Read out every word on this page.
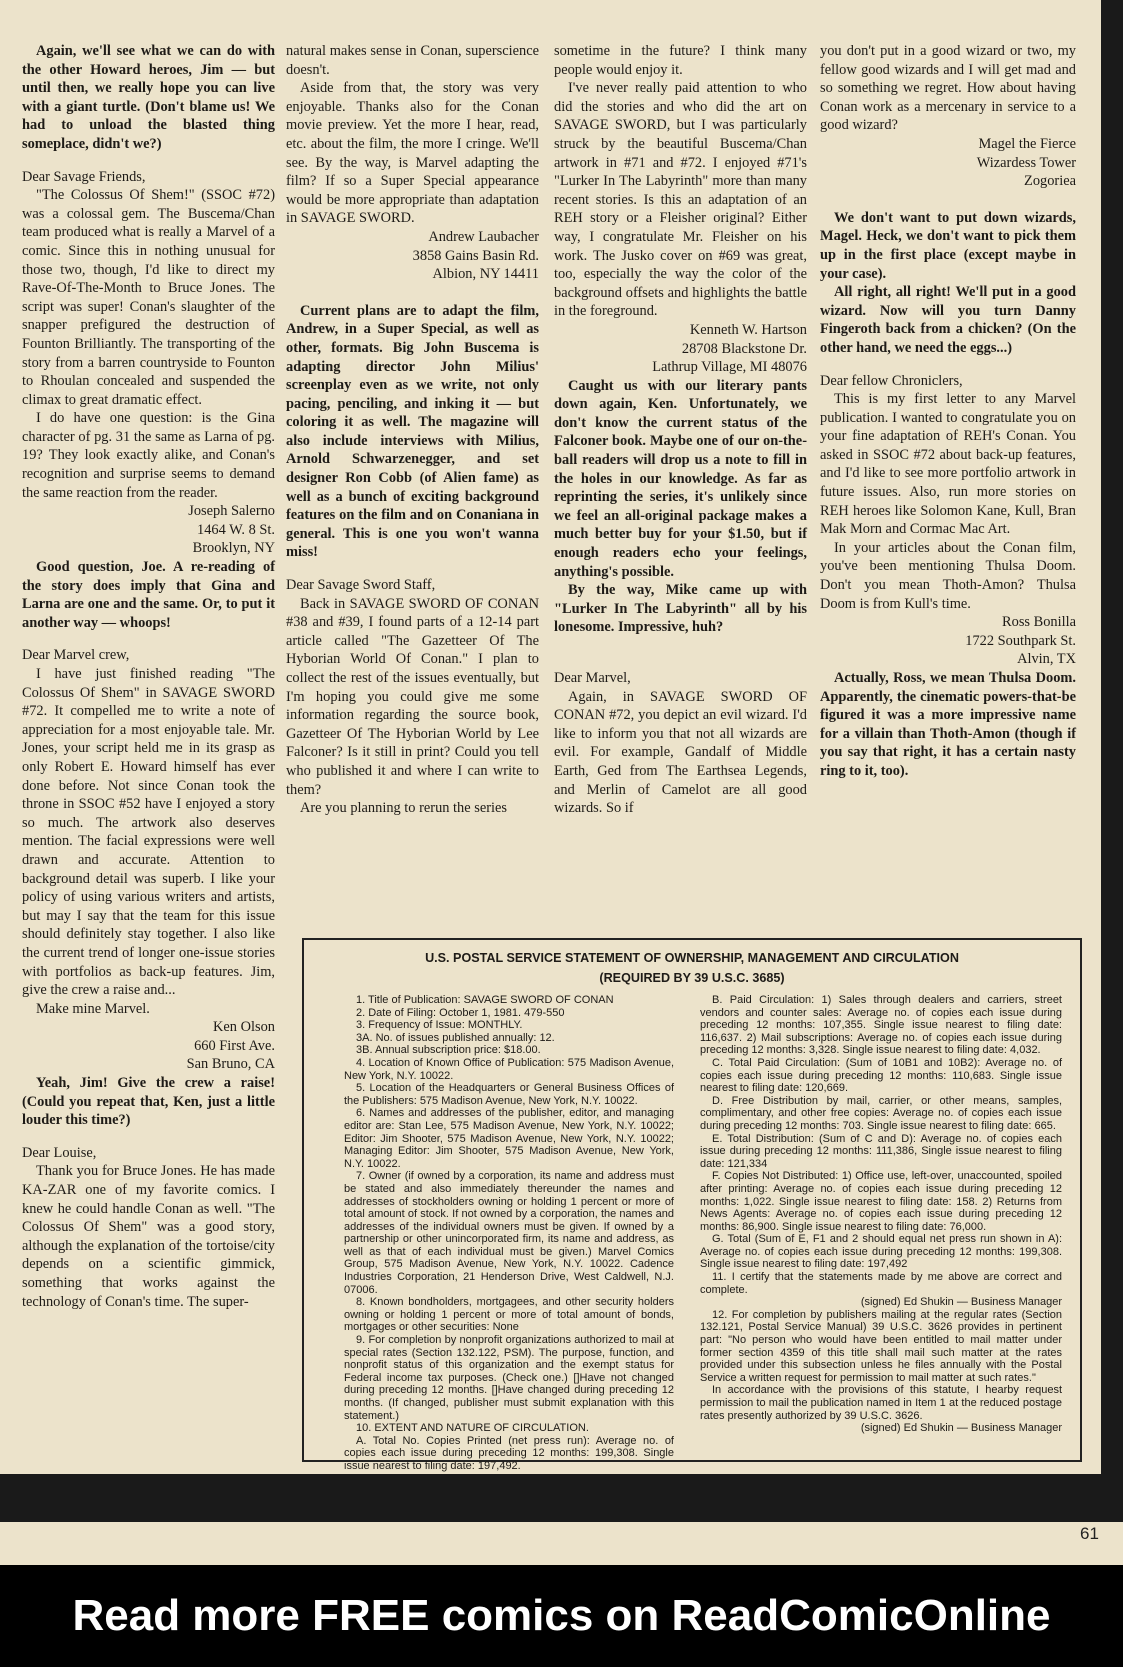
Again, we'll see what we can do with the other Howard heroes, Jim — but until then, we really hope you can live with a giant turtle. (Don't blame us! We had to unload the blasted thing someplace, didn't we?)

Dear Savage Friends,

"The Colossus Of Shem!" (SSOC #72) was a colossal gem. The Buscema/Chan team produced what is really a Marvel of a comic. Since this in nothing unusual for those two, though, I'd like to direct my Rave-Of-The-Month to Bruce Jones. The script was super! Conan's slaughter of the snapper prefigured the destruction of Founton Brilliantly. The transporting of the story from a barren countryside to Founton to Rhoulan concealed and suspended the climax to great dramatic effect.

I do have one question: is the Gina character of pg. 31 the same as Larna of pg. 19? They look exactly alike, and Conan's recognition and surprise seems to demand the same reaction from the reader.

Joseph Salerno

1464 W. 8 St.

Brooklyn, NY

Good question, Joe. A re-reading of the story does imply that Gina and Larna are one and the same. Or, to put it another way — whoops!

Dear Marvel crew,

I have just finished reading "The Colossus Of Shem" in SAVAGE SWORD #72. It compelled me to write a note of appreciation for a most enjoyable tale. Mr. Jones, your script held me in its grasp as only Robert E. Howard himself has ever done before. Not since Conan took the throne in SSOC #52 have I enjoyed a story so much. The artwork also deserves mention. The facial expressions were well drawn and accurate. Attention to background detail was superb. I like your policy of using various writers and artists, but may I say that the team for this issue should definitely stay together. I also like the current trend of longer one-issue stories with portfolios as back-up features. Jim, give the crew a raise and...

Make mine Marvel.

Ken Olson

660 First Ave.

San Bruno, CA

Yeah, Jim! Give the crew a raise! (Could you repeat that, Ken, just a little louder this time?)

Dear Louise,

Thank you for Bruce Jones. He has made KA-ZAR one of my favorite comics. I knew he could handle Conan as well. "The Colossus Of Shem" was a good story, although the explanation of the tortoise/city depends on a scientific gimmick, something that works against the technology of Conan's time. The super-

natural makes sense in Conan, superscience doesn't.

Aside from that, the story was very enjoyable. Thanks also for the Conan movie preview. Yet the more I hear, read, etc. about the film, the more I cringe. We'll see. By the way, is Marvel adapting the film? If so a Super Special appearance would be more appropriate than adaptation in SAVAGE SWORD.

Andrew Laubacher

3858 Gains Basin Rd.

Albion, NY 14411

Current plans are to adapt the film, Andrew, in a Super Special, as well as other, formats. Big John Buscema is adapting director John Milius' screenplay even as we write, not only pacing, penciling, and inking it — but coloring it as well. The magazine will also include interviews with Milius, Arnold Schwarzenegger, and set designer Ron Cobb (of Alien fame) as well as a bunch of exciting background features on the film and on Conaniana in general. This is one you won't wanna miss!

Dear Savage Sword Staff,

Back in SAVAGE SWORD OF CONAN #38 and #39, I found parts of a 12-14 part article called "The Gazetteer Of The Hyborian World Of Conan." I plan to collect the rest of the issues eventually, but I'm hoping you could give me some information regarding the source book, Gazetteer Of The Hyborian World by Lee Falconer? Is it still in print? Could you tell who published it and where I can write to them?

Are you planning to rerun the series

sometime in the future? I think many people would enjoy it.

I've never really paid attention to who did the stories and who did the art on SAVAGE SWORD, but I was particularly struck by the beautiful Buscema/Chan artwork in #71 and #72. I enjoyed #71's "Lurker In The Labyrinth" more than many recent stories. Is this an adaptation of an REH story or a Fleisher original? Either way, I congratulate Mr. Fleisher on his work. The Jusko cover on #69 was great, too, especially the way the color of the background offsets and highlights the battle in the foreground.

Kenneth W. Hartson

28708 Blackstone Dr.

Lathrup Village, MI 48076

Caught us with our literary pants down again, Ken. Unfortunately, we don't know the current status of the Falconer book. Maybe one of our on-the-ball readers will drop us a note to fill in the holes in our knowledge. As far as reprinting the series, it's unlikely since we feel an all-original package makes a much better buy for your $1.50, but if enough readers echo your feelings, anything's possible.

By the way, Mike came up with "Lurker In The Labyrinth" all by his lonesome. Impressive, huh?

Dear Marvel,

Again, in SAVAGE SWORD OF CONAN #72, you depict an evil wizard. I'd like to inform you that not all wizards are evil. For example, Gandalf of Middle Earth, Ged from The Earthsea Legends, and Merlin of Camelot are all good wizards. So if

you don't put in a good wizard or two, my fellow good wizards and I will get mad and so something we regret. How about having Conan work as a mercenary in service to a good wizard?

Magel the Fierce

Wizardess Tower

Zogoriea

We don't want to put down wizards, Magel. Heck, we don't want to pick them up in the first place (except maybe in your case).

All right, all right! We'll put in a good wizard. Now will you turn Danny Fingeroth back from a chicken? (On the other hand, we need the eggs...)

Dear fellow Chroniclers,

This is my first letter to any Marvel publication. I wanted to congratulate you on your fine adaptation of REH's Conan. You asked in SSOC #72 about back-up features, and I'd like to see more portfolio artwork in future issues. Also, run more stories on REH heroes like Solomon Kane, Kull, Bran Mak Morn and Cormac Mac Art.

In your articles about the Conan film, you've been mentioning Thulsa Doom. Don't you mean Thoth-Amon? Thulsa Doom is from Kull's time.

Ross Bonilla

1722 Southpark St.

Alvin, TX

Actually, Ross, we mean Thulsa Doom. Apparently, the cinematic powers-that-be figured it was a more impressive name for a villain than Thoth-Amon (though if you say that right, it has a certain nasty ring to it, too).

U.S. POSTAL SERVICE STATEMENT OF OWNERSHIP, MANAGEMENT AND CIRCULATION
(REQUIRED BY 39 U.S.C. 3685)

1. Title of Publication: SAVAGE SWORD OF CONAN

2. Date of Filing: October 1, 1981. 479-550

3. Frequency of Issue: MONTHLY.

3A. No. of issues published annually: 12.

3B. Annual subscription price: $18.00.

4. Location of Known Office of Publication: 575 Madison Avenue, New York, N.Y. 10022.

5. Location of the Headquarters or General Business Offices of the Publishers: 575 Madison Avenue, New York, N.Y. 10022.

6. Names and addresses of the publisher, editor, and managing editor are: Stan Lee, 575 Madison Avenue, New York, N.Y. 10022; Editor: Jim Shooter, 575 Madison Avenue, New York, N.Y. 10022; Managing Editor: Jim Shooter, 575 Madison Avenue, New York, N.Y. 10022.

7. Owner (if owned by a corporation, its name and address must be stated and also immediately thereunder the names and addresses of stockholders owning or holding 1 percent or more of total amount of stock. If not owned by a corporation, the names and addresses of the individual owners must be given. If owned by a partnership or other unincorporated firm, its name and address, as well as that of each individual must be given.) Marvel Comics Group, 575 Madison Avenue, New York, N.Y. 10022. Cadence Industries Corporation, 21 Henderson Drive, West Caldwell, N.J. 07006.

8. Known bondholders, mortgagees, and other security holders owning or holding 1 percent or more of total amount of bonds, mortgages or other securities: None

9. For completion by nonprofit organizations authorized to mail at special rates (Section 132.122, PSM). The purpose, function, and nonprofit status of this organization and the exempt status for Federal income tax purposes. (Check one.) []Have not changed during preceding 12 months. []Have changed during preceding 12 months. (If changed, publisher must submit explanation with this statement.)

10. EXTENT AND NATURE OF CIRCULATION.

A. Total No. Copies Printed (net press run): Average no. of copies each issue during preceding 12 months: 199,308. Single issue nearest to filing date: 197,492.

B. Paid Circulation: 1) Sales through dealers and carriers, street vendors and counter sales: Average no. of copies each issue during preceding 12 months: 107,355. Single issue nearest to filing date: 116,637. 2) Mail subscriptions: Average no. of copies each issue during preceding 12 months: 3,328. Single issue nearest to filing date: 4,032.

C. Total Paid Circulation: (Sum of 10B1 and 10B2): Average no. of copies each issue during preceding 12 months: 110,683. Single issue nearest to filing date: 120,669.

D. Free Distribution by mail, carrier, or other means, samples, complimentary, and other free copies: Average no. of copies each issue during preceding 12 months: 703. Single issue nearest to filing date: 665.

E. Total Distribution: (Sum of C and D): Average no. of copies each issue during preceding 12 months: 111,386, Single issue nearest to filing date: 121,334

F. Copies Not Distributed: 1) Office use, left-over, unaccounted, spoiled after printing: Average no. of copies each issue during preceding 12 months: 1,022. Single issue nearest to filing date: 158. 2) Returns from News Agents: Average no. of copies each issue during preceding 12 months: 86,900. Single issue nearest to filing date: 76,000.

G. Total (Sum of E, F1 and 2 should equal net press run shown in A): Average no. of copies each issue during preceding 12 months: 199,308. Single issue nearest to filing date: 197,492

11. I certify that the statements made by me above are correct and complete.

(signed) Ed Shukin — Business Manager

12. For completion by publishers mailing at the regular rates (Section 132.121, Postal Service Manual) 39 U.S.C. 3626 provides in pertinent part: "No person who would have been entitled to mail matter under former section 4359 of this title shall mail such matter at the rates provided under this subsection unless he files annually with the Postal Service a written request for permission to mail matter at such rates."

In accordance with the provisions of this statute, I hearby request permission to mail the publication named in Item 1 at the reduced postage rates presently authorized by 39 U.S.C. 3626.

(signed) Ed Shukin — Business Manager

61
Read more FREE comics on ReadComicOnline
